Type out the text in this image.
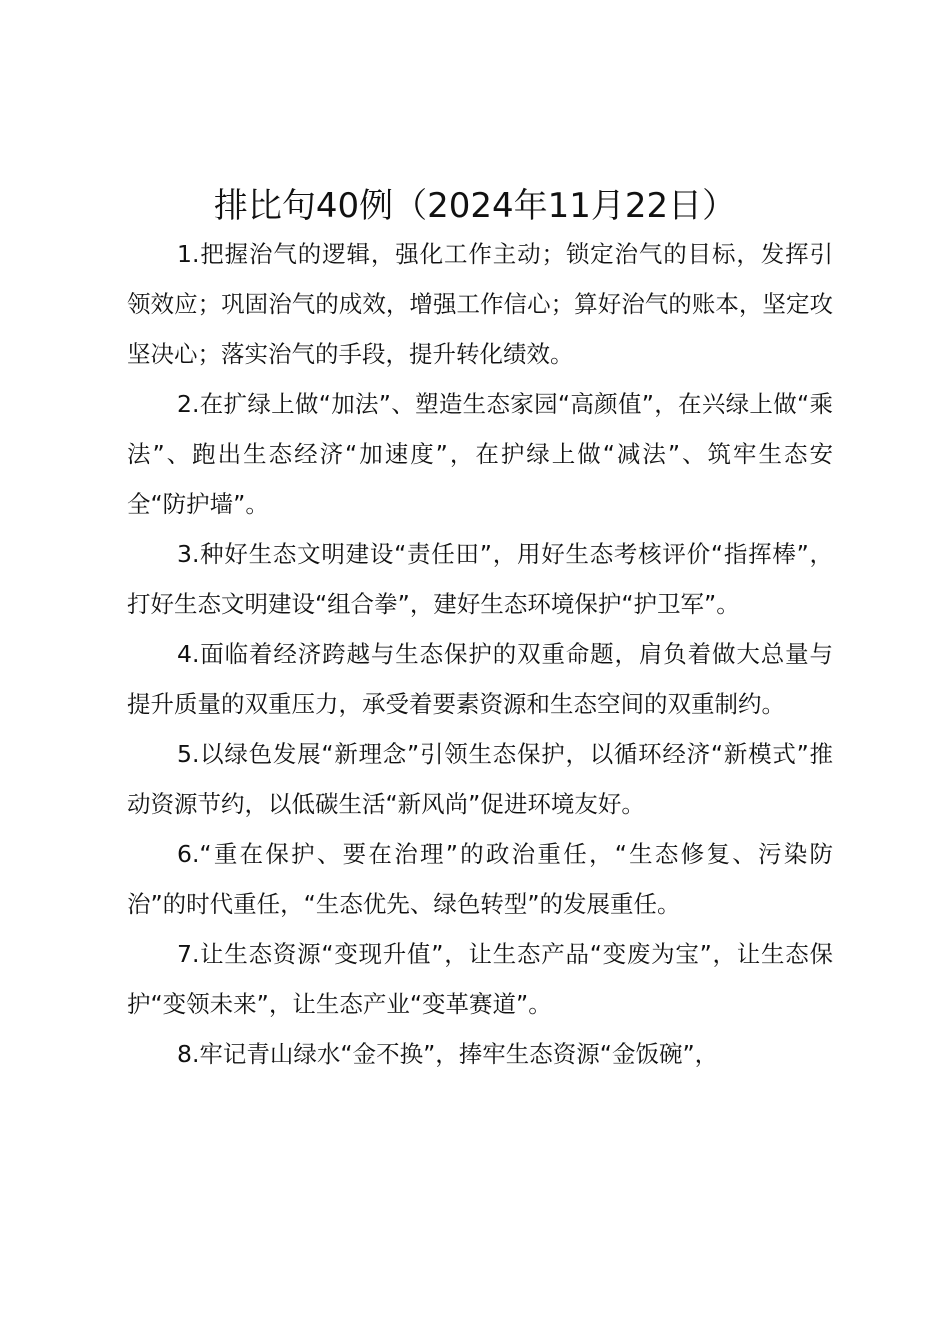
排比句40例（2024年11月22日）

1.把握治气的逻辑，强化工作主动；锁定治气的目标，发挥引领效应；巩固治气的成效，增强工作信心；算好治气的账本，坚定攻坚决心；落实治气的手段，提升转化绩效。

2.在扩绿上做“加法”、塑造生态家园“高颜值”，在兴绿上做“乘法”、跑出生态经济“加速度”，在护绿上做“减法”、筑牢生态安全“防护墙”。

3.种好生态文明建设“责任田”，用好生态考核评价“指挥棒”，打好生态文明建设“组合拳”，建好生态环境保护“护卫军”。

4.面临着经济跨越与生态保护的双重命题，肩负着做大总量与提升质量的双重压力，承受着要素资源和生态空间的双重制约。

5.以绿色发展“新理念”引领生态保护，以循环经济“新模式”推动资源节约，以低碳生活“新风尚”促进环境友好。

6.“重在保护、要在治理”的政治重任，“生态修复、污染防治”的时代重任，“生态优先、绿色转型”的发展重任。

7.让生态资源“变现升值”，让生态产品“变废为宝”，让生态保护“变领未来”，让生态产业“变革赛道”。

8.牢记青山绿水“金不换”，捧牢生态资源“金饭碗”，
